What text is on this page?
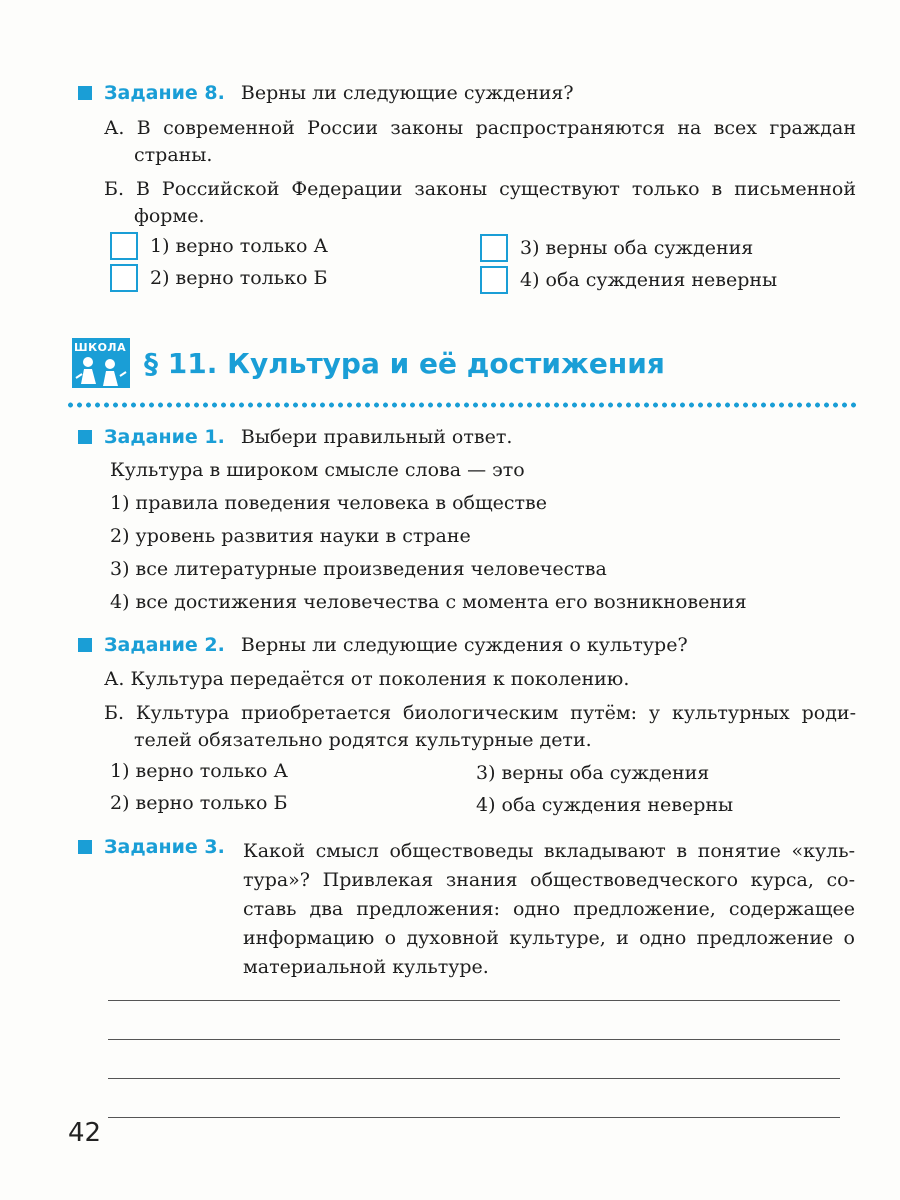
Задание 8. Верны ли следующие суждения?
А. В современной России законы распространяются на всех граждан
страны.
Б. В Российской Федерации законы существуют только в письменной
форме.
1) верно только А	3) верны оба суждения
2) верно только Б	4) оба суждения неверны
ШКОЛА § 11. Культура и её достижения
Задание 1. Выбери правильный ответ.
Культура в широком смысле слова — это
1) правила поведения человека в обществе
2) уровень развития науки в стране
3) все литературные произведения человечества
4) все достижения человечества с момента его возникновения
Задание 2. Верны ли следующие суждения о культуре?
А. Культура передаётся от поколения к поколению.
Б. Культура приобретается биологическим путём: у культурных роди-
телей обязательно родятся культурные дети.
1) верно только А	3) верны оба суждения
2) верно только Б	4) оба суждения неверны
Задание 3. Какой смысл обществоведы вкладывают в понятие «куль-
тура»? Привлекая знания обществоведческого курса, со-
ставь два предложения: одно предложение, содержащее
информацию о духовной культуре, и одно предложение о
материальной культуре.
42
